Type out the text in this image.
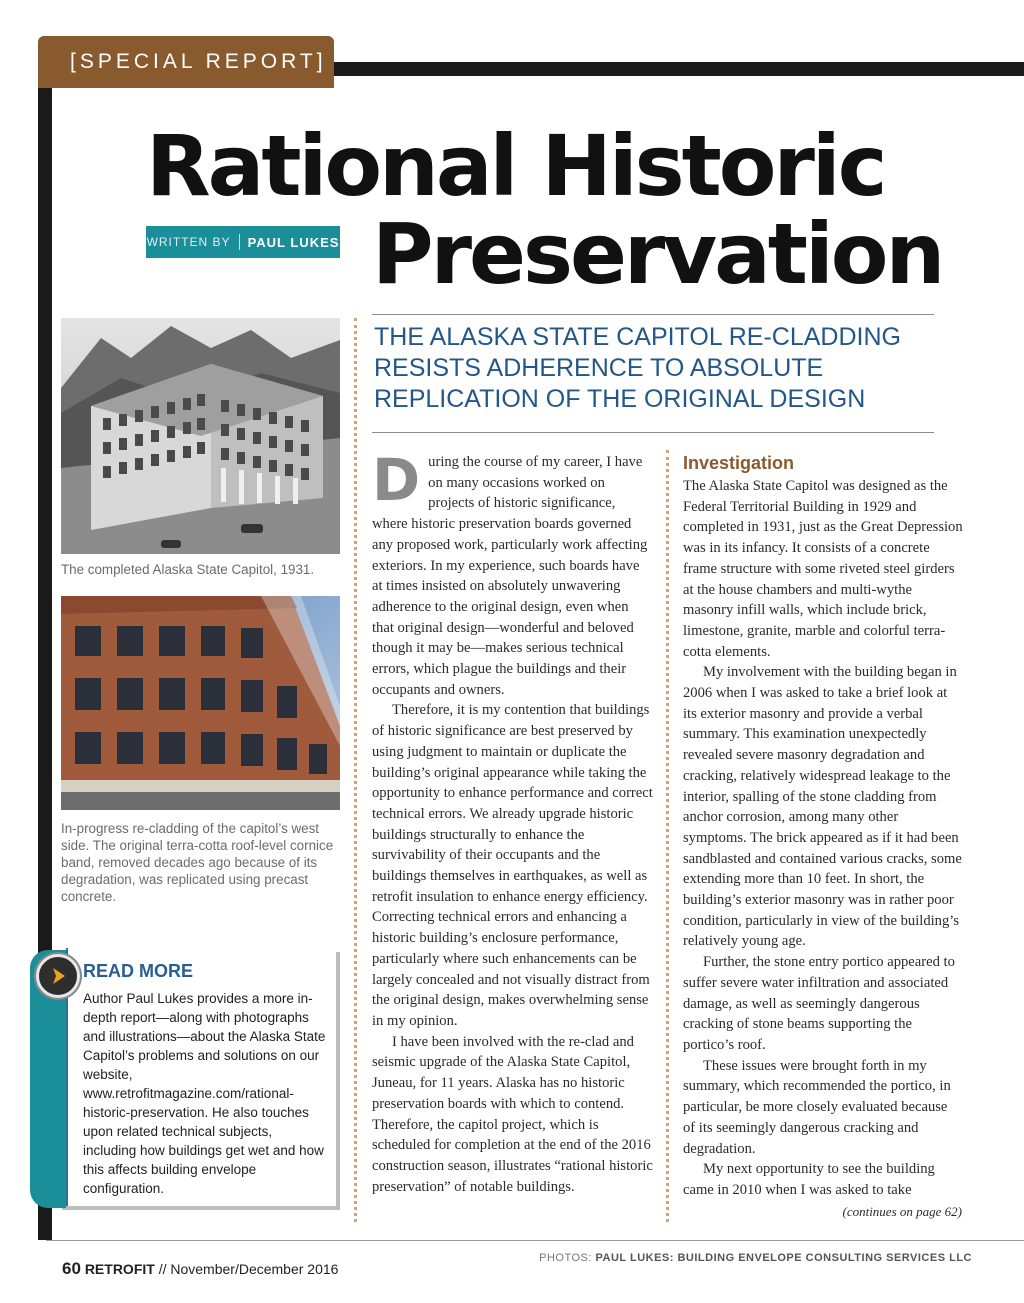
[SPECIAL REPORT]
Rational Historic
Preservation
WRITTEN BY PAUL LUKES
THE ALASKA STATE CAPITOL RE-CLADDING RESISTS ADHERENCE TO ABSOLUTE REPLICATION OF THE ORIGINAL DESIGN
The completed Alaska State Capitol, 1931.
In-progress re-cladding of the capitol’s west side. The original terra-cotta roof-level cornice band, removed decades ago because of its degradation, was replicated using precast concrete.
READ MORE
Author Paul Lukes provides a more in-depth report—along with photographs and illustrations—about the Alaska State Capitol’s problems and solutions on our website, www.retrofitmagazine.com/rational-historic-preservation. He also touches upon related technical subjects, including how buildings get wet and how this affects building envelope configuration.

During the course of my career, I have on many occasions worked on projects of historic significance, where historic preservation boards governed any proposed work, particularly work affecting exteriors. In my experience, such boards have at times insisted on absolutely unwavering adherence to the original design, even when that original design—wonderful and beloved though it may be—makes serious technical errors, which plague the buildings and their occupants and owners.

Therefore, it is my contention that buildings of historic significance are best preserved by using judgment to maintain or duplicate the building’s original appearance while taking the opportunity to enhance performance and correct technical errors. We already upgrade historic buildings structurally to enhance the survivability of their occupants and the buildings themselves in earthquakes, as well as retrofit insulation to enhance energy efficiency. Correcting technical errors and enhancing a historic building’s enclosure performance, particularly where such enhancements can be largely concealed and not visually distract from the original design, makes overwhelming sense in my opinion.

I have been involved with the re-clad and seismic upgrade of the Alaska State Capitol, Juneau, for 11 years. Alaska has no historic preservation boards with which to contend. Therefore, the capitol project, which is scheduled for completion at the end of the 2016 construction season, illustrates “rational historic preservation” of notable buildings.

Investigation

The Alaska State Capitol was designed as the Federal Territorial Building in 1929 and completed in 1931, just as the Great Depression was in its infancy. It consists of a concrete frame structure with some riveted steel girders at the house chambers and multi-wythe masonry infill walls, which include brick, limestone, granite, marble and colorful terra-cotta elements.

My involvement with the building began in 2006 when I was asked to take a brief look at its exterior masonry and provide a verbal summary. This examination unexpectedly revealed severe masonry degradation and cracking, relatively widespread leakage to the interior, spalling of the stone cladding from anchor corrosion, among many other symptoms. The brick appeared as if it had been sandblasted and contained various cracks, some extending more than 10 feet. In short, the building’s exterior masonry was in rather poor condition, particularly in view of the building’s relatively young age.

Further, the stone entry portico appeared to suffer severe water infiltration and associated damage, as well as seemingly dangerous cracking of stone beams supporting the portico’s roof.

These issues were brought forth in my summary, which recommended the portico, in particular, be more closely evaluated because of its seemingly dangerous cracking and degradation.

My next opportunity to see the building came in 2010 when I was asked to take

(continues on page 62)
PHOTOS: PAUL LUKES: BUILDING ENVELOPE CONSULTING SERVICES LLC
60 RETROFIT // November/December 2016
